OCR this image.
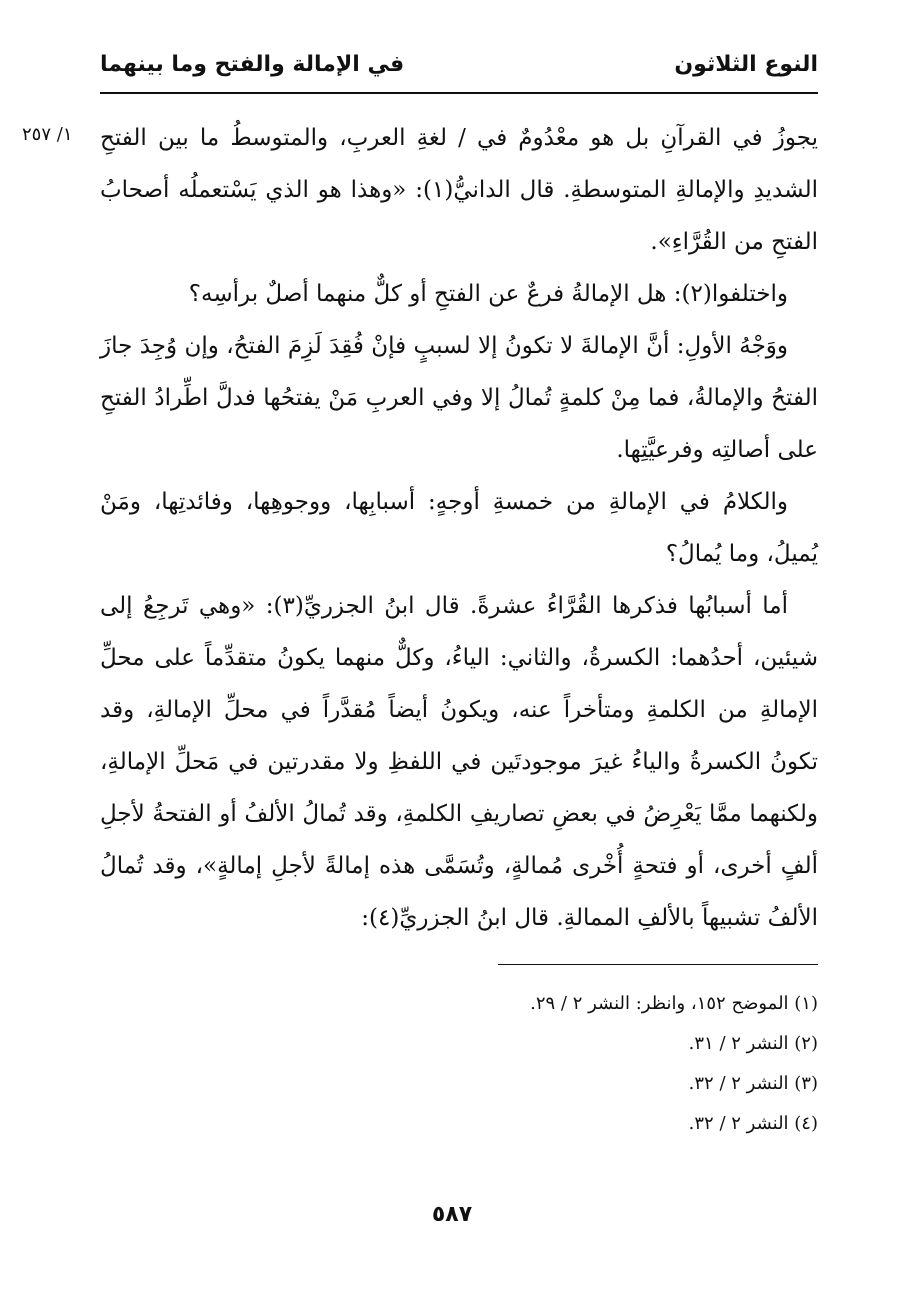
النوع الثلاثون
في الإمالة والفتح وما بينهما
١/ ٢٥٧ يجوزُ في القرآنِ بل هو معْدُومٌ في / لغةِ العربِ، والمتوسطُ ما بين الفتحِ الشديدِ والإمالةِ المتوسطةِ. قال الدانيُّ(١): «وهذا هو الذي يَسْتعملُه أصحابُ الفتحِ من القُرَّاءِ».

واختلفوا(٢): هل الإمالةُ فرعٌ عن الفتحِ أو كلٌّ منهما أصلٌ برأسِه؟

ووَجْهُ الأولِ: أنَّ الإمالةَ لا تكونُ إلا لسببٍ فإنْ فُقِدَ لَزِمَ الفتحُ، وإن وُجِدَ جازَ الفتحُ والإمالةُ، فما مِنْ كلمةٍ تُمالُ إلا وفي العربِ مَنْ يفتحُها فدلَّ اطِّرادُ الفتحِ على أصالتِه وفرعيَّتِها.

والكلامُ في الإمالةِ من خمسةِ أوجهٍ: أسبابِها، ووجوهِها، وفائدتِها، ومَنْ يُميلُ، وما يُمالُ؟

أما أسبابُها فذكرها القُرَّاءُ عشرةً. قال ابنُ الجزريِّ(٣): «وهي تَرجِعُ إلى شيئين، أحدُهما: الكسرةُ، والثاني: الياءُ، وكلٌّ منهما يكونُ متقدِّماً على محلِّ الإمالةِ من الكلمةِ ومتأخراً عنه، ويكونُ أيضاً مُقدَّراً في محلِّ الإمالةِ، وقد تكونُ الكسرةُ والياءُ غيرَ موجودتَين في اللفظِ ولا مقدرتين في مَحلِّ الإمالةِ، ولكنهما ممَّا يَعْرِضُ في بعضِ تصاريفِ الكلمةِ، وقد تُمالُ الألفُ أو الفتحةُ لأجلِ ألفٍ أخرى، أو فتحةٍ أُخْرى مُمالةٍ، وتُسَمَّى هذه إمالةً لأجلِ إمالةٍ»، وقد تُمالُ الألفُ تشبيهاً بالألفِ الممالةِ. قال ابنُ الجزريِّ(٤):

(١) الموضح ١٥٢، وانظر: النشر ٢ / ٢٩.
(٢) النشر ٢ / ٣١.
(٣) النشر ٢ / ٣٢.
(٤) النشر ٢ / ٣٢.
٥٨٧
